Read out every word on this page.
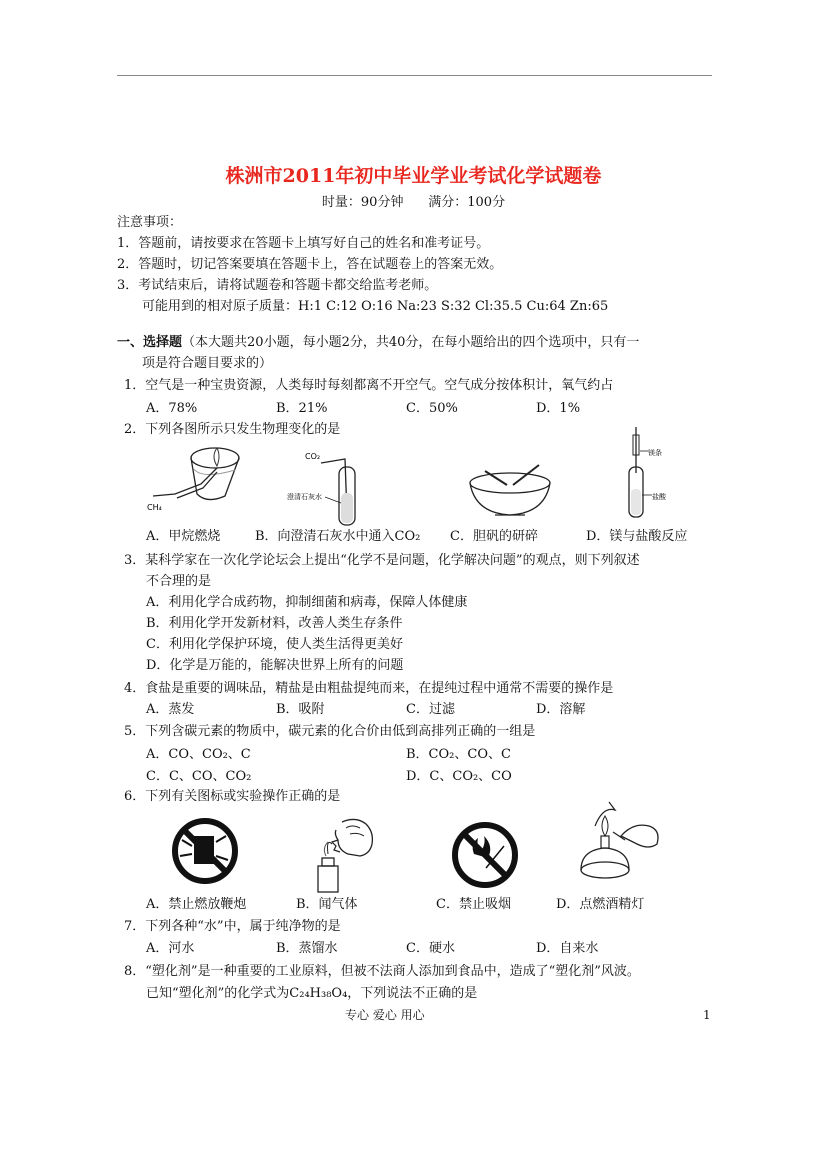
株洲市2011年初中毕业学业考试化学试题卷
时量：90分钟 满分：100分
注意事项：
1．答题前，请按要求在答题卡上填写好自己的姓名和准考证号。
2．答题时，切记答案要填在答题卡上，答在试题卷上的答案无效。
3．考试结束后，请将试题卷和答题卡都交给监考老师。
可能用到的相对原子质量：H:1 C:12 O:16 Na:23 S:32 Cl:35.5 Cu:64 Zn:65
一、选择题（本大题共20小题，每小题2分，共40分，在每小题给出的四个选项中，只有一
项是符合题目要求的）
1．空气是一种宝贵资源，人类每时每刻都离不开空气。空气成分按体积计，氧气约占
A．78%	B．21%	C．50%	D．1%
2．下列各图所示只发生物理变化的是
CH₄
CO₂
澄清石灰水
镁条
盐酸
A．甲烷燃烧	B．向澄清石灰水中通入CO₂ C．胆矾的研碎	D．镁与盐酸反应
3．某科学家在一次化学论坛会上提出“化学不是问题，化学解决问题”的观点，则下列叙述
不合理的是
A．利用化学合成药物，抑制细菌和病毒，保障人体健康
B．利用化学开发新材料，改善人类生存条件
C．利用化学保护环境，使人类生活得更美好
D．化学是万能的，能解决世界上所有的问题
4．食盐是重要的调味品，精盐是由粗盐提纯而来，在提纯过程中通常不需要的操作是
A．蒸发	B．吸附	C．过滤	D．溶解
5．下列含碳元素的物质中，碳元素的化合价由低到高排列正确的一组是
A．CO、CO₂、C	B．CO₂、CO、C
C．C、CO、CO₂	D．C、CO₂、CO
6．下列有关图标或实验操作正确的是
A．禁止燃放鞭炮	B．闻气体	C．禁止吸烟	D．点燃酒精灯
7．下列各种“水”中，属于纯净物的是
A．河水	B．蒸馏水	C．硬水	D．自来水
8．“塑化剂”是一种重要的工业原料，但被不法商人添加到食品中，造成了“塑化剂”风波。
已知“塑化剂”的化学式为C₂₄H₃₈O₄，下列说法不正确的是
专心 爱心 用心	1
